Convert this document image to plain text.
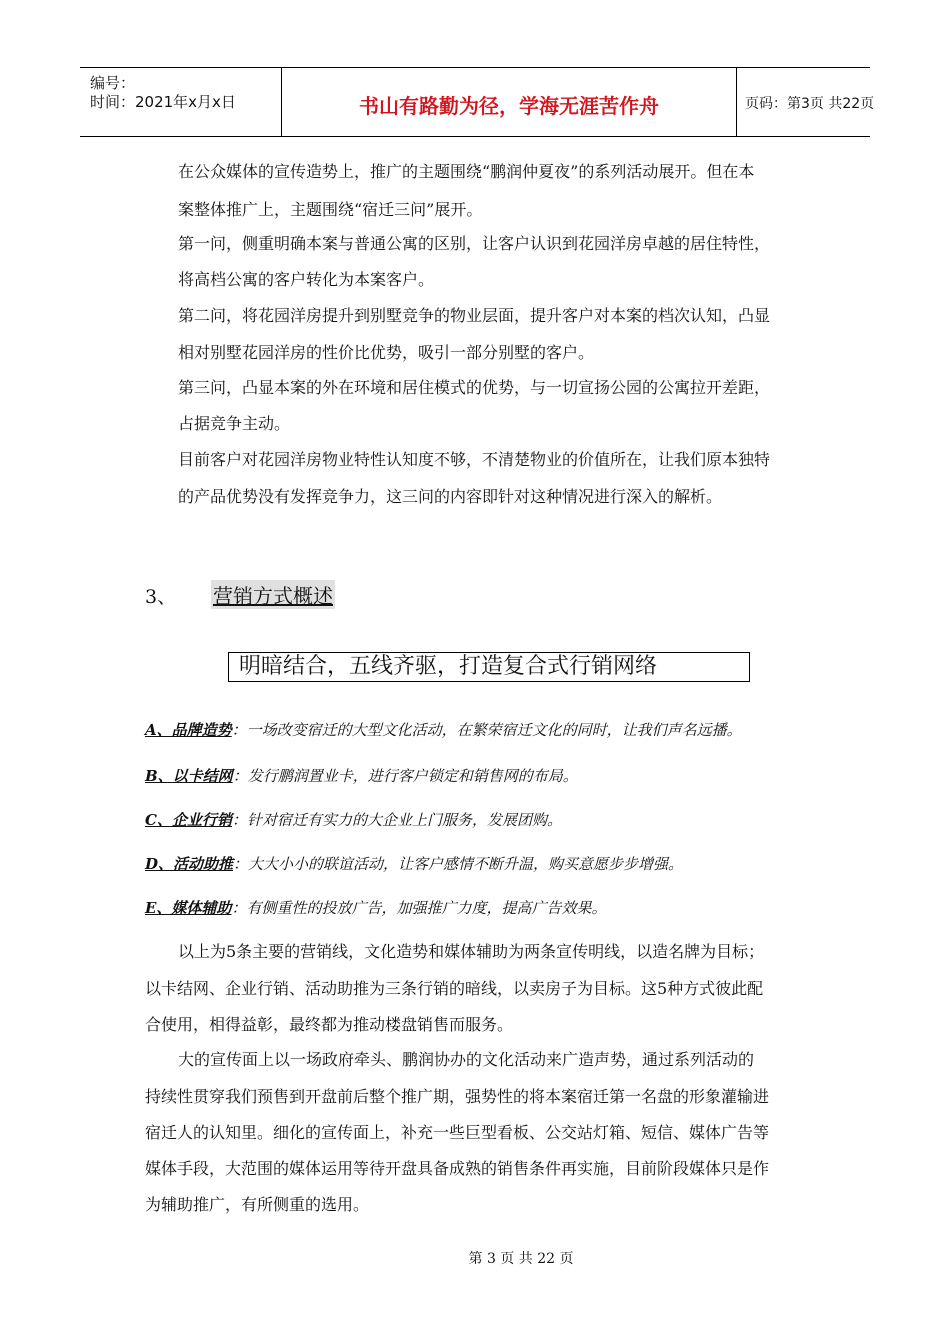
编号：
时间：2021年x月x日	书山有路勤为径，学海无涯苦作舟	页码：第3页 共22页
在公众媒体的宣传造势上，推广的主题围绕“鹏润仲夏夜”的系列活动展开。但在本
案整体推广上，主题围绕“宿迁三问”展开。
第一问，侧重明确本案与普通公寓的区别，让客户认识到花园洋房卓越的居住特性，
将高档公寓的客户转化为本案客户。
第二问，将花园洋房提升到别墅竞争的物业层面，提升客户对本案的档次认知，凸显
相对别墅花园洋房的性价比优势，吸引一部分别墅的客户。
第三问，凸显本案的外在环境和居住模式的优势，与一切宣扬公园的公寓拉开差距，
占据竞争主动。
目前客户对花园洋房物业特性认知度不够，不清楚物业的价值所在，让我们原本独特
的产品优势没有发挥竞争力，这三问的内容即针对这种情况进行深入的解析。
3、 营销方式概述
明暗结合，五线齐驱，打造复合式行销网络
A、品牌造势：一场改变宿迁的大型文化活动，在繁荣宿迁文化的同时，让我们声名远播。
B、以卡结网：发行鹏润置业卡，进行客户锁定和销售网的布局。
C、企业行销：针对宿迁有实力的大企业上门服务，发展团购。
D、活动助推：大大小小的联谊活动，让客户感情不断升温，购买意愿步步增强。
E、媒体辅助：有侧重性的投放广告，加强推广力度，提高广告效果。
以上为5条主要的营销线，文化造势和媒体辅助为两条宣传明线，以造名牌为目标；
以卡结网、企业行销、活动助推为三条行销的暗线，以卖房子为目标。这5种方式彼此配
合使用，相得益彰，最终都为推动楼盘销售而服务。
大的宣传面上以一场政府牵头、鹏润协办的文化活动来广造声势，通过系列活动的
持续性贯穿我们预售到开盘前后整个推广期，强势性的将本案宿迁第一名盘的形象灌输进
宿迁人的认知里。细化的宣传面上，补充一些巨型看板、公交站灯箱、短信、媒体广告等
媒体手段，大范围的媒体运用等待开盘具备成熟的销售条件再实施，目前阶段媒体只是作
为辅助推广，有所侧重的选用。
第 3 页 共 22 页
